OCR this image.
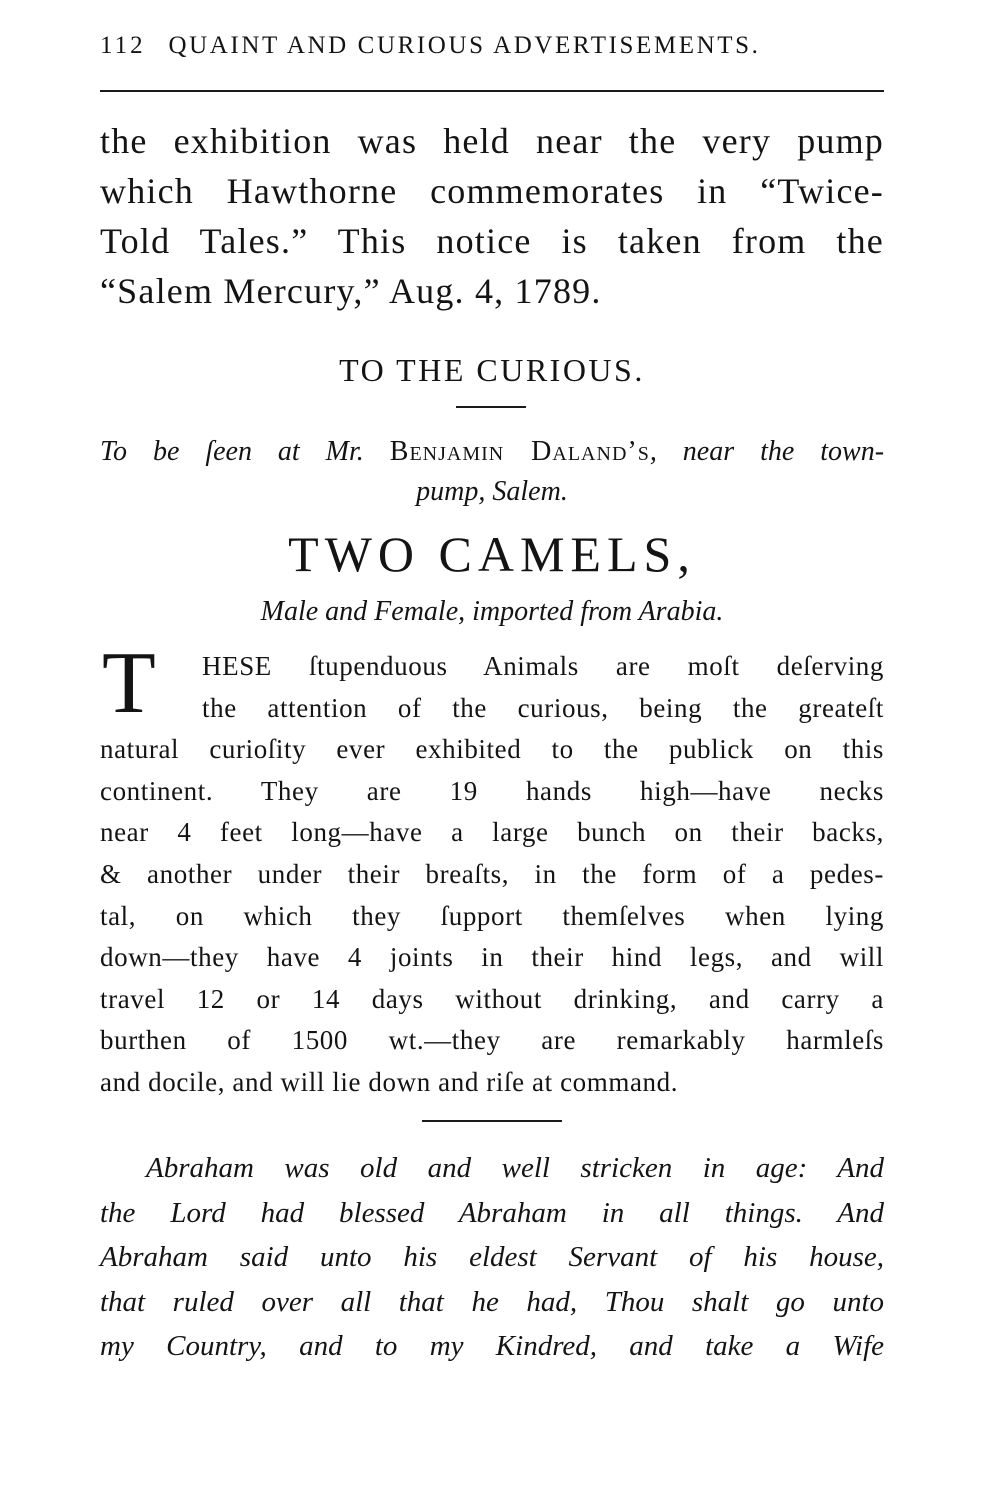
112 QUAINT AND CURIOUS ADVERTISEMENTS.
the exhibition was held near the very pump
which Hawthorne commemorates in “Twice-
Told Tales.” This notice is taken from the
“Salem Mercury,” Aug. 4, 1789.
TO THE CURIOUS.
To be ſeen at Mr. Benjamin Daland’s, near the town-
pump, Salem.
TWO CAMELS,
Male and Female, imported from Arabia.
T	HESE ſtupenduous Animals are moſt deſerving
the attention of the curious, being the greateſt
natural curioſity ever exhibited to the publick on this
continent. They are 19 hands high—have necks
near 4 feet long—have a large bunch on their backs,
& another under their breaſts, in the form of a pedes-
tal, on which they ſupport themſelves when lying
down—they have 4 joints in their hind legs, and will
travel 12 or 14 days without drinking, and carry a
burthen of 1500 wt.—they are remarkably harmleſs
and docile, and will lie down and riſe at command.
Abraham was old and well stricken in age: And
the Lord had blessed Abraham in all things. And
Abraham said unto his eldest Servant of his house,
that ruled over all that he had, Thou shalt go unto
my Country, and to my Kindred, and take a Wife
